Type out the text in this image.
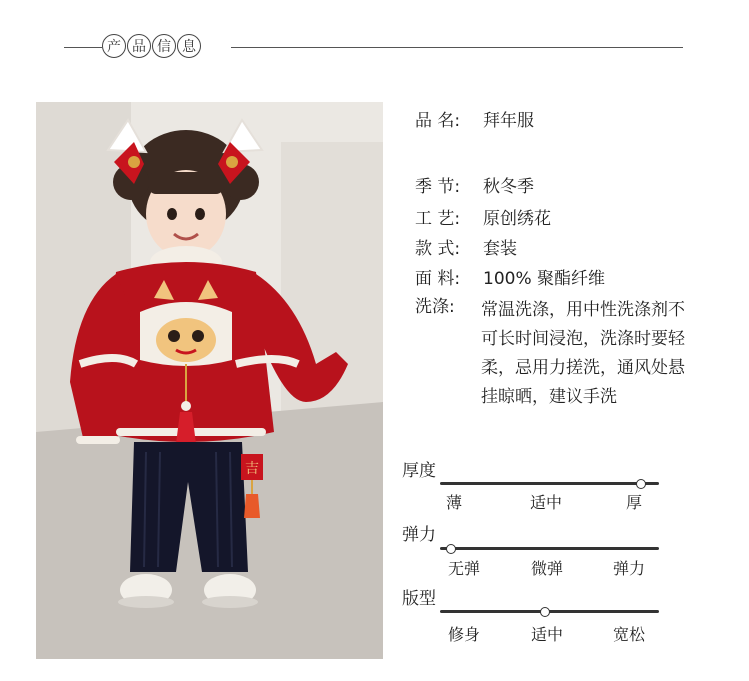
产 品 信 息
吉
品 名: 拜年服
季 节: 秋冬季
工 艺: 原创绣花
款 式: 套装
面 料: 100% 聚酯纤维
洗涤: 常温洗涤，用中性洗涤剂不
可长时间浸泡，洗涤时要轻
柔，忌用力搓洗，通风处悬
挂晾晒，建议手洗
厚度
薄	适中	厚
弹力
无弹	微弹	弹力
版型
修身	适中	宽松
